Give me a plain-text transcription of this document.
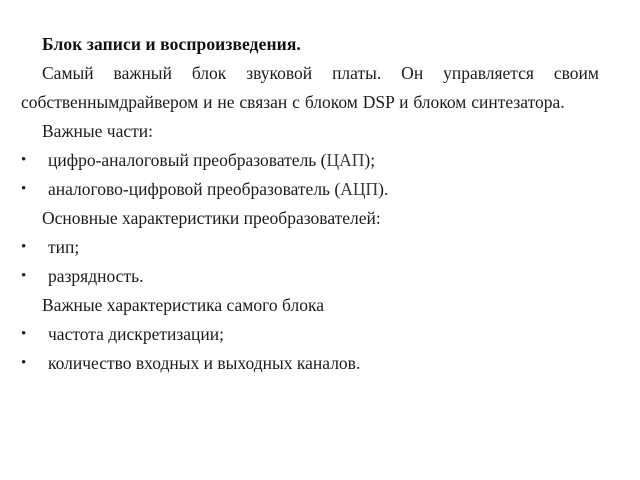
Блок записи и воспроизведения.

Самый важный блок звуковой платы. Он управляется своим собственнымдрайвером и не связан с блоком DSP и блоком синтезатора.

Важные части:

•	цифро-аналоговый преобразователь (ЦАП);

•	аналогово-цифровой преобразователь (АЦП).

Основные характеристики преобразователей:

•	тип;

•	разрядность.

Важные характеристика самого блока

•	частота дискретизации;

•	количество входных и выходных каналов.
